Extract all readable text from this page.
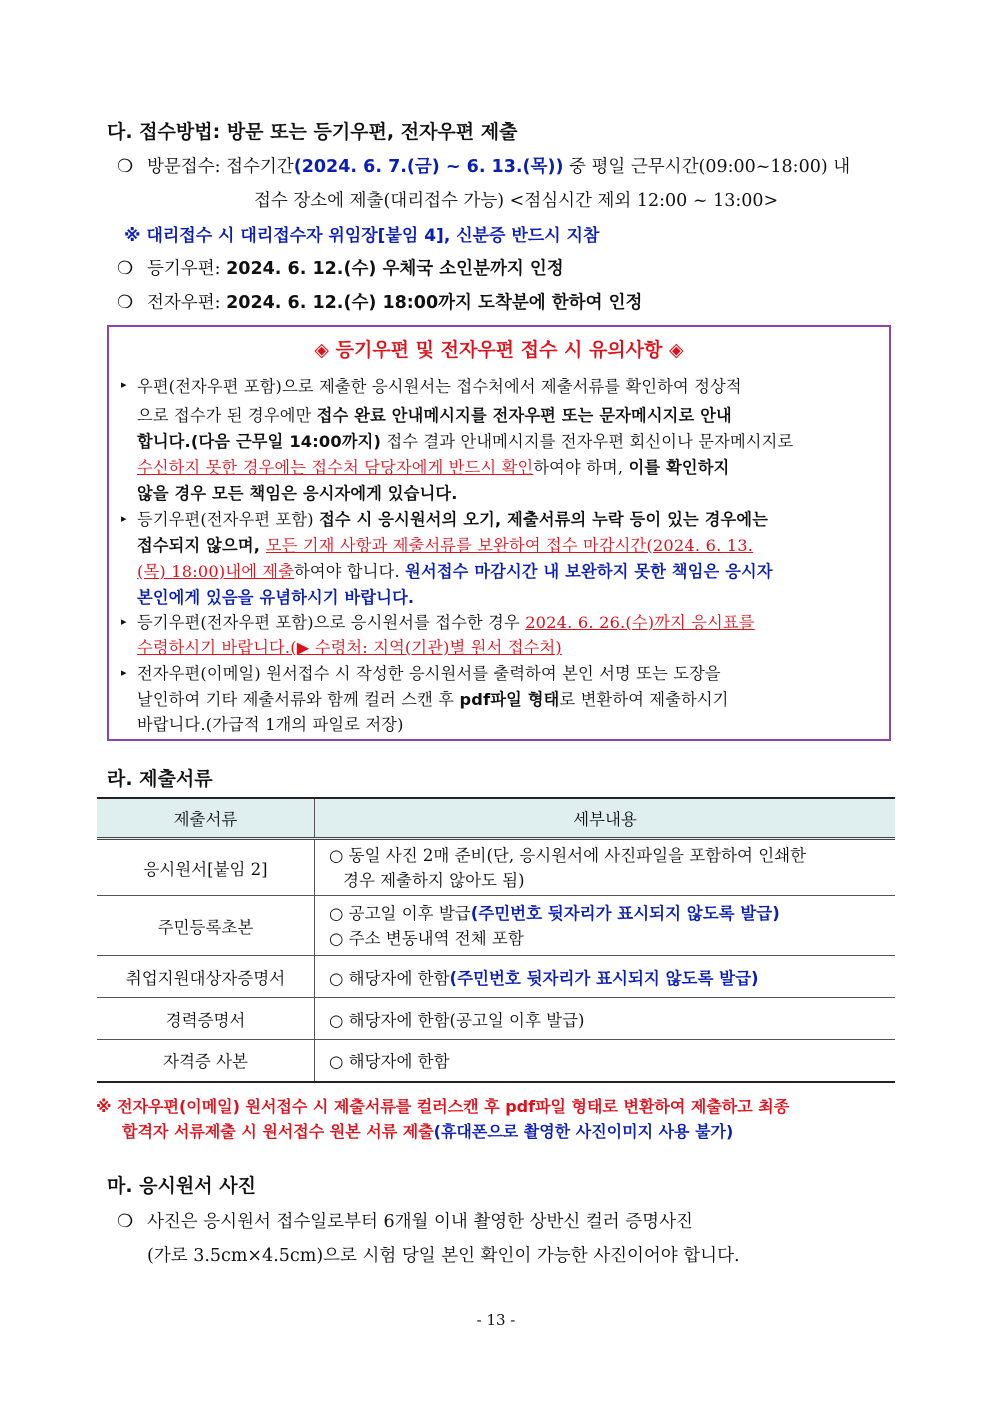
다. 접수방법: 방문 또는 등기우편, 전자우편 제출
❍ 방문접수: 접수기간(2024. 6. 7.(금) ~ 6. 13.(목)) 중 평일 근무시간(09:00~18:00) 내
접수 장소에 제출(대리접수 가능) <점심시간 제외 12:00 ~ 13:00>
※ 대리접수 시 대리접수자 위임장[붙임 4], 신분증 반드시 지참
❍ 등기우편: 2024. 6. 12.(수) 우체국 소인분까지 인정
❍ 전자우편: 2024. 6. 12.(수) 18:00까지 도착분에 한하여 인정
◈ 등기우편 및 전자우편 접수 시 유의사항 ◈
▸ 우편(전자우편 포함)으로 제출한 응시원서는 접수처에서 제출서류를 확인하여 정상적
으로 접수가 된 경우에만 접수 완료 안내메시지를 전자우편 또는 문자메시지로 안내
합니다.(다음 근무일 14:00까지) 접수 결과 안내메시지를 전자우편 회신이나 문자메시지로
수신하지 못한 경우에는 접수처 담당자에게 반드시 확인하여야 하며, 이를 확인하지
않을 경우 모든 책임은 응시자에게 있습니다.
▸ 등기우편(전자우편 포함) 접수 시 응시원서의 오기, 제출서류의 누락 등이 있는 경우에는
접수되지 않으며, 모든 기재 사항과 제출서류를 보완하여 접수 마감시간(2024. 6. 13.
(목) 18:00)내에 제출하여야 합니다. 원서접수 마감시간 내 보완하지 못한 책임은 응시자
본인에게 있음을 유념하시기 바랍니다.
▸ 등기우편(전자우편 포함)으로 응시원서를 접수한 경우 2024. 6. 26.(수)까지 응시표를
수령하시기 바랍니다.(▶ 수령처: 지역(기관)별 원서 접수처)
▸ 전자우편(이메일) 원서접수 시 작성한 응시원서를 출력하여 본인 서명 또는 도장을
날인하여 기타 제출서류와 함께 컬러 스캔 후 pdf파일 형태로 변환하여 제출하시기
바랍니다.(가급적 1개의 파일로 저장)
라. 제출서류
제출서류	세부내용
응시원서[붙임 2]	○ 동일 사진 2매 준비(단, 응시원서에 사진파일을 포함하여 인쇄한
경우 제출하지 않아도 됨)

주민등록초본	○ 공고일 이후 발급(주민번호 뒷자리가 표시되지 않도록 발급)
○ 주소 변동내역 전체 포함

취업지원대상자증명서	○ 해당자에 한함(주민번호 뒷자리가 표시되지 않도록 발급)
경력증명서	○ 해당자에 한함(공고일 이후 발급)
자격증 사본	○ 해당자에 한함
※ 전자우편(이메일) 원서접수 시 제출서류를 컬러스캔 후 pdf파일 형태로 변환하여 제출하고 최종
합격자 서류제출 시 원서접수 원본 서류 제출(휴대폰으로 촬영한 사진이미지 사용 불가)
마. 응시원서 사진
❍ 사진은 응시원서 접수일로부터 6개월 이내 촬영한 상반신 컬러 증명사진
(가로 3.5cm×4.5cm)으로 시험 당일 본인 확인이 가능한 사진이어야 합니다.
- 13 -
